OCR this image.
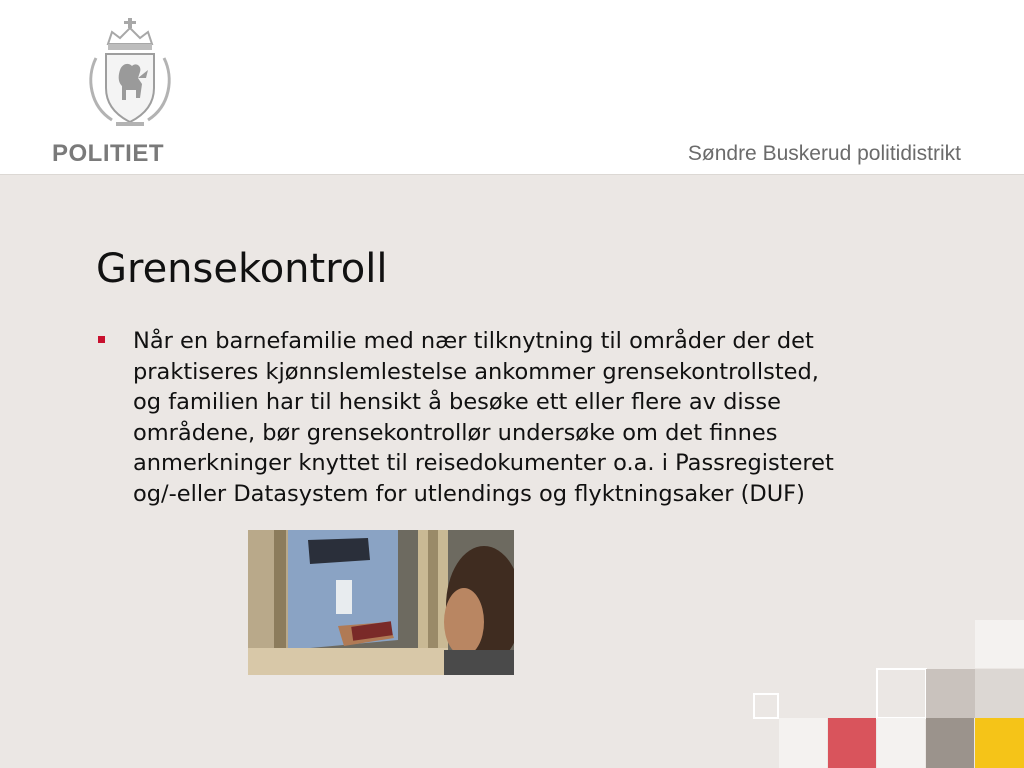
POLITIET	Søndre Buskerud politidistrikt
Grensekontroll
Når en barnefamilie med nær tilknytning til områder der det
praktiseres kjønnslemlestelse ankommer grensekontrollsted,
og familien har til hensikt å besøke ett eller flere av disse
områdene, bør grensekontrollør undersøke om det finnes
anmerkninger knyttet til reisedokumenter o.a. i Passregisteret
og/-eller Datasystem for utlendings og flyktningsaker (DUF)
